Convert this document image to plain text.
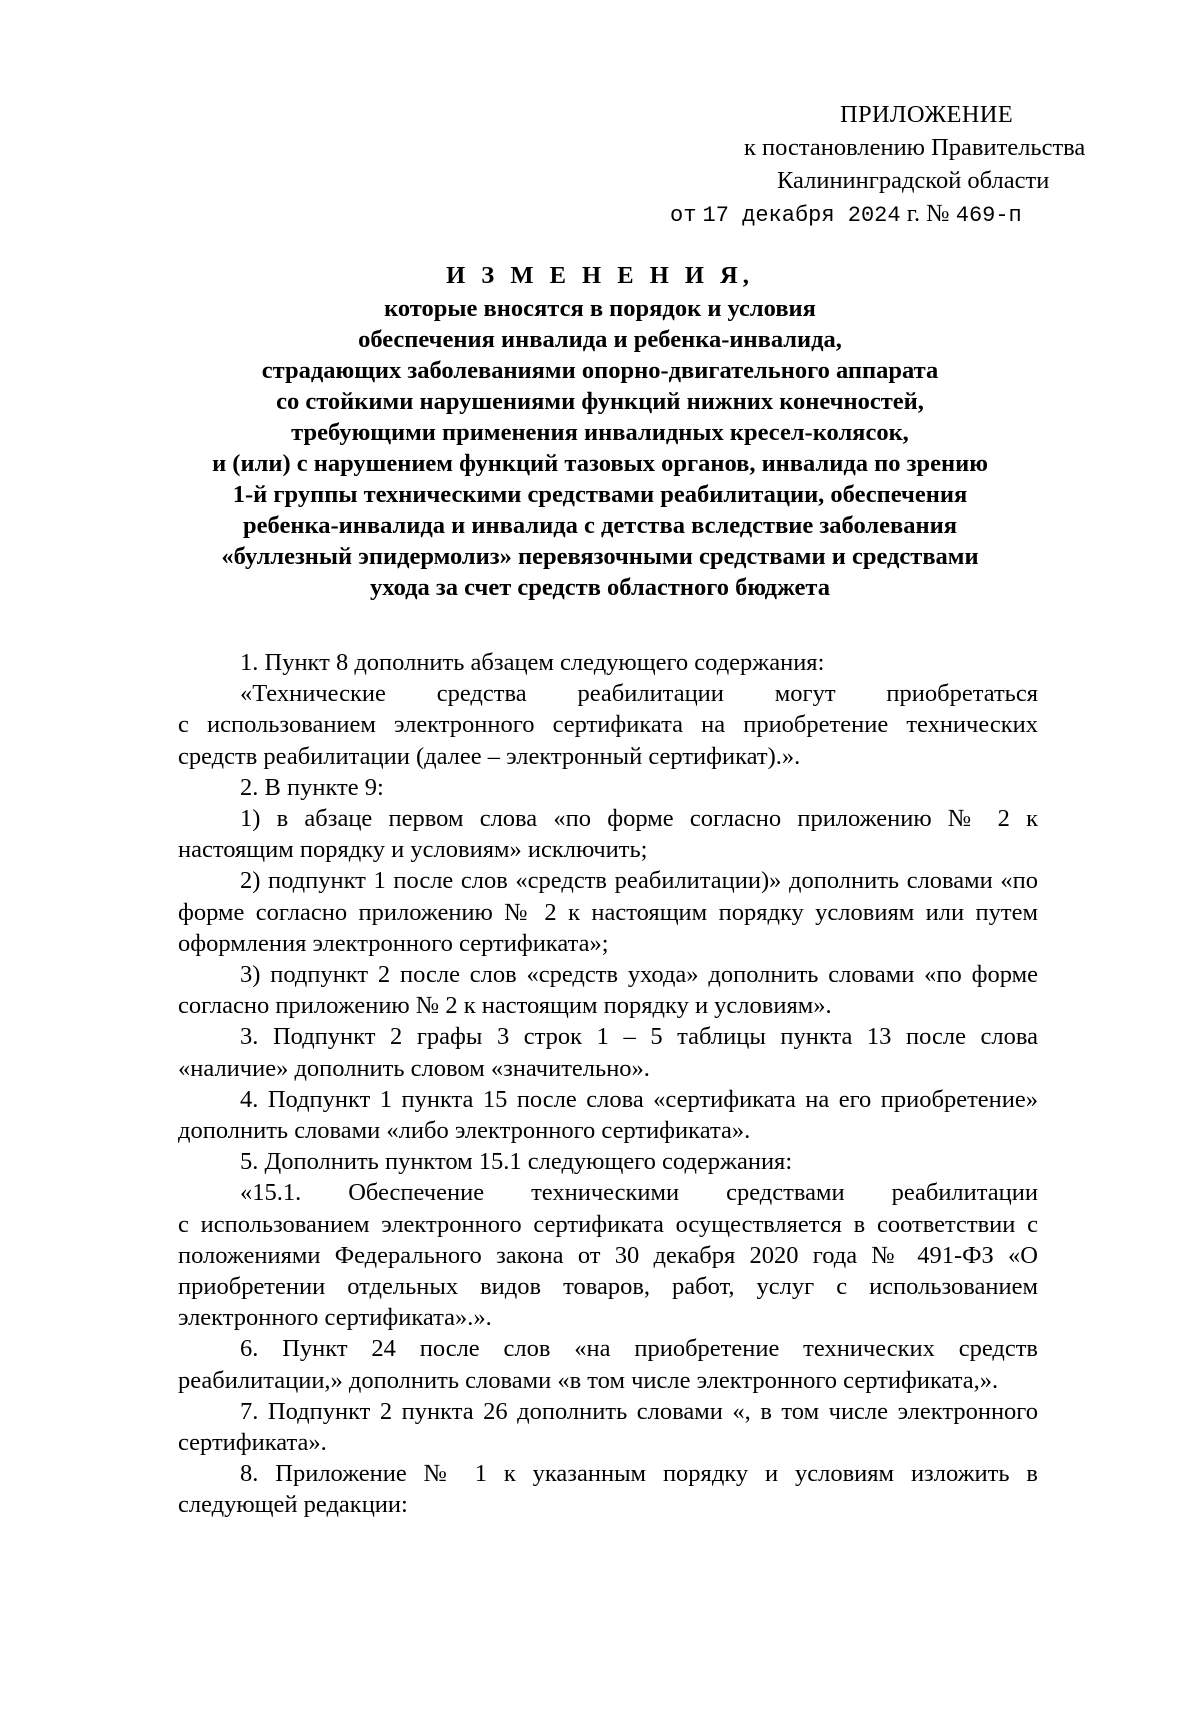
ПРИЛОЖЕНИЕ
к постановлению Правительства
Калининградской области
от 17 декабря 2024 г. № 469-п
И З М Е Н Е Н И Я,
которые вносятся в порядок и условия
обеспечения инвалида и ребенка-инвалида,
страдающих заболеваниями опорно-двигательного аппарата
со стойкими нарушениями функций нижних конечностей,
требующими применения инвалидных кресел-колясок,
и (или) с нарушением функций тазовых органов, инвалида по зрению
1-й группы техническими средствами реабилитации, обеспечения
ребенка-инвалида и инвалида с детства вследствие заболевания
«буллезный эпидермолиз» перевязочными средствами и средствами
ухода за счет средств областного бюджета

1. Пункт 8 дополнить абзацем следующего содержания:

«Технические средства реабилитации могут приобретаться

с использованием электронного сертификата на приобретение технических средств реабилитации (далее – электронный сертификат).».

2. В пункте 9:

1) в абзаце первом слова «по форме согласно приложению № 2 к настоящим порядку и условиям» исключить;

2) подпункт 1 после слов «средств реабилитации)» дополнить словами «по форме согласно приложению № 2 к настоящим порядку условиям или путем оформления электронного сертификата»;

3) подпункт 2 после слов «средств ухода» дополнить словами «по форме согласно приложению № 2 к настоящим порядку и условиям».

3. Подпункт 2 графы 3 строк 1 – 5 таблицы пункта 13 после слова «наличие» дополнить словом «значительно».

4. Подпункт 1 пункта 15 после слова «сертификата на его приобретение» дополнить словами «либо электронного сертификата».

5. Дополнить пунктом 15.1 следующего содержания:

«15.1. Обеспечение техническими средствами реабилитации

с использованием электронного сертификата осуществляется в соответствии с положениями Федерального закона от 30 декабря 2020 года № 491-ФЗ «О приобретении отдельных видов товаров, работ, услуг с использованием электронного сертификата».».

6. Пункт 24 после слов «на приобретение технических средств реабилитации,» дополнить словами «в том числе электронного сертификата,».

7. Подпункт 2 пункта 26 дополнить словами «, в том числе электронного сертификата».

8. Приложение № 1 к указанным порядку и условиям изложить в следующей редакции:
